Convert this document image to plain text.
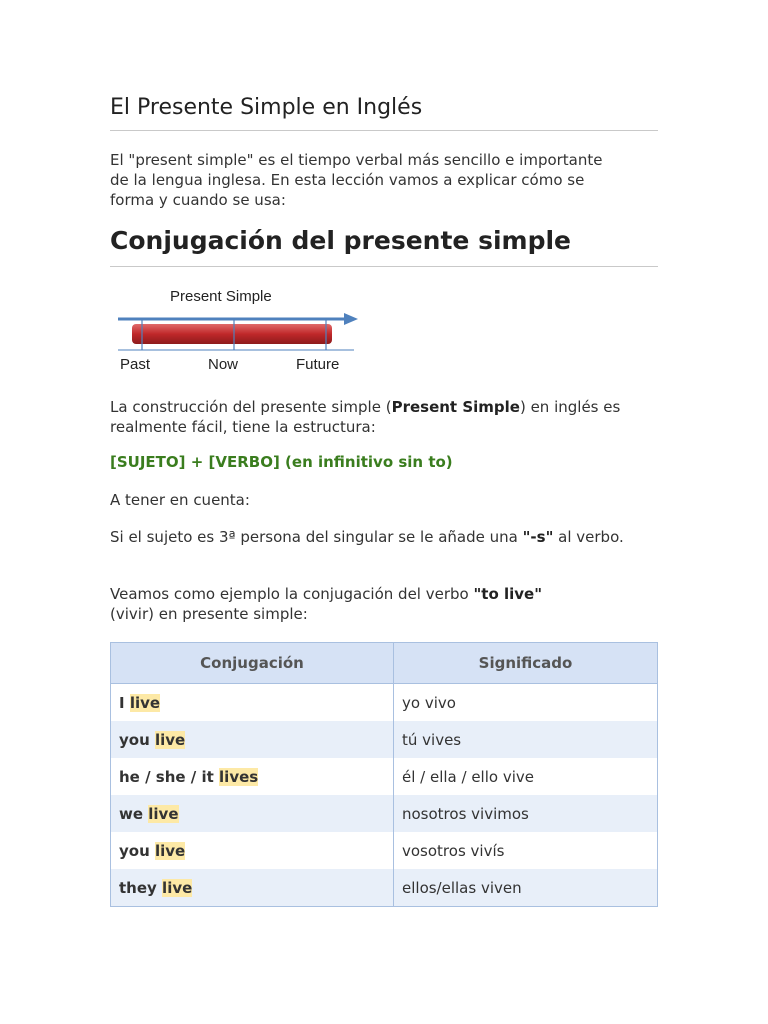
El Presente Simple en Inglés

El "present simple" es el tiempo verbal más sencillo e importante de la lengua inglesa. En esta lección vamos a explicar cómo se forma y cuando se usa:

Conjugación del presente simple
Present Simple
Past	Now	Future

La construcción del presente simple (Present Simple) en inglés es realmente fácil, tiene la estructura:

[SUJETO] + [VERBO] (en infinitivo sin to)

A tener en cuenta:

Si el sujeto es 3ª persona del singular se le añade una "-s" al verbo.

Veamos como ejemplo la conjugación del verbo "to live" (vivir) en presente simple:

Conjugación	Significado
I live	yo vivo
you live	tú vives
he / she / it lives	él / ella / ello vive
we live	nosotros vivimos
you live	vosotros vivís
they live	ellos/ellas viven
